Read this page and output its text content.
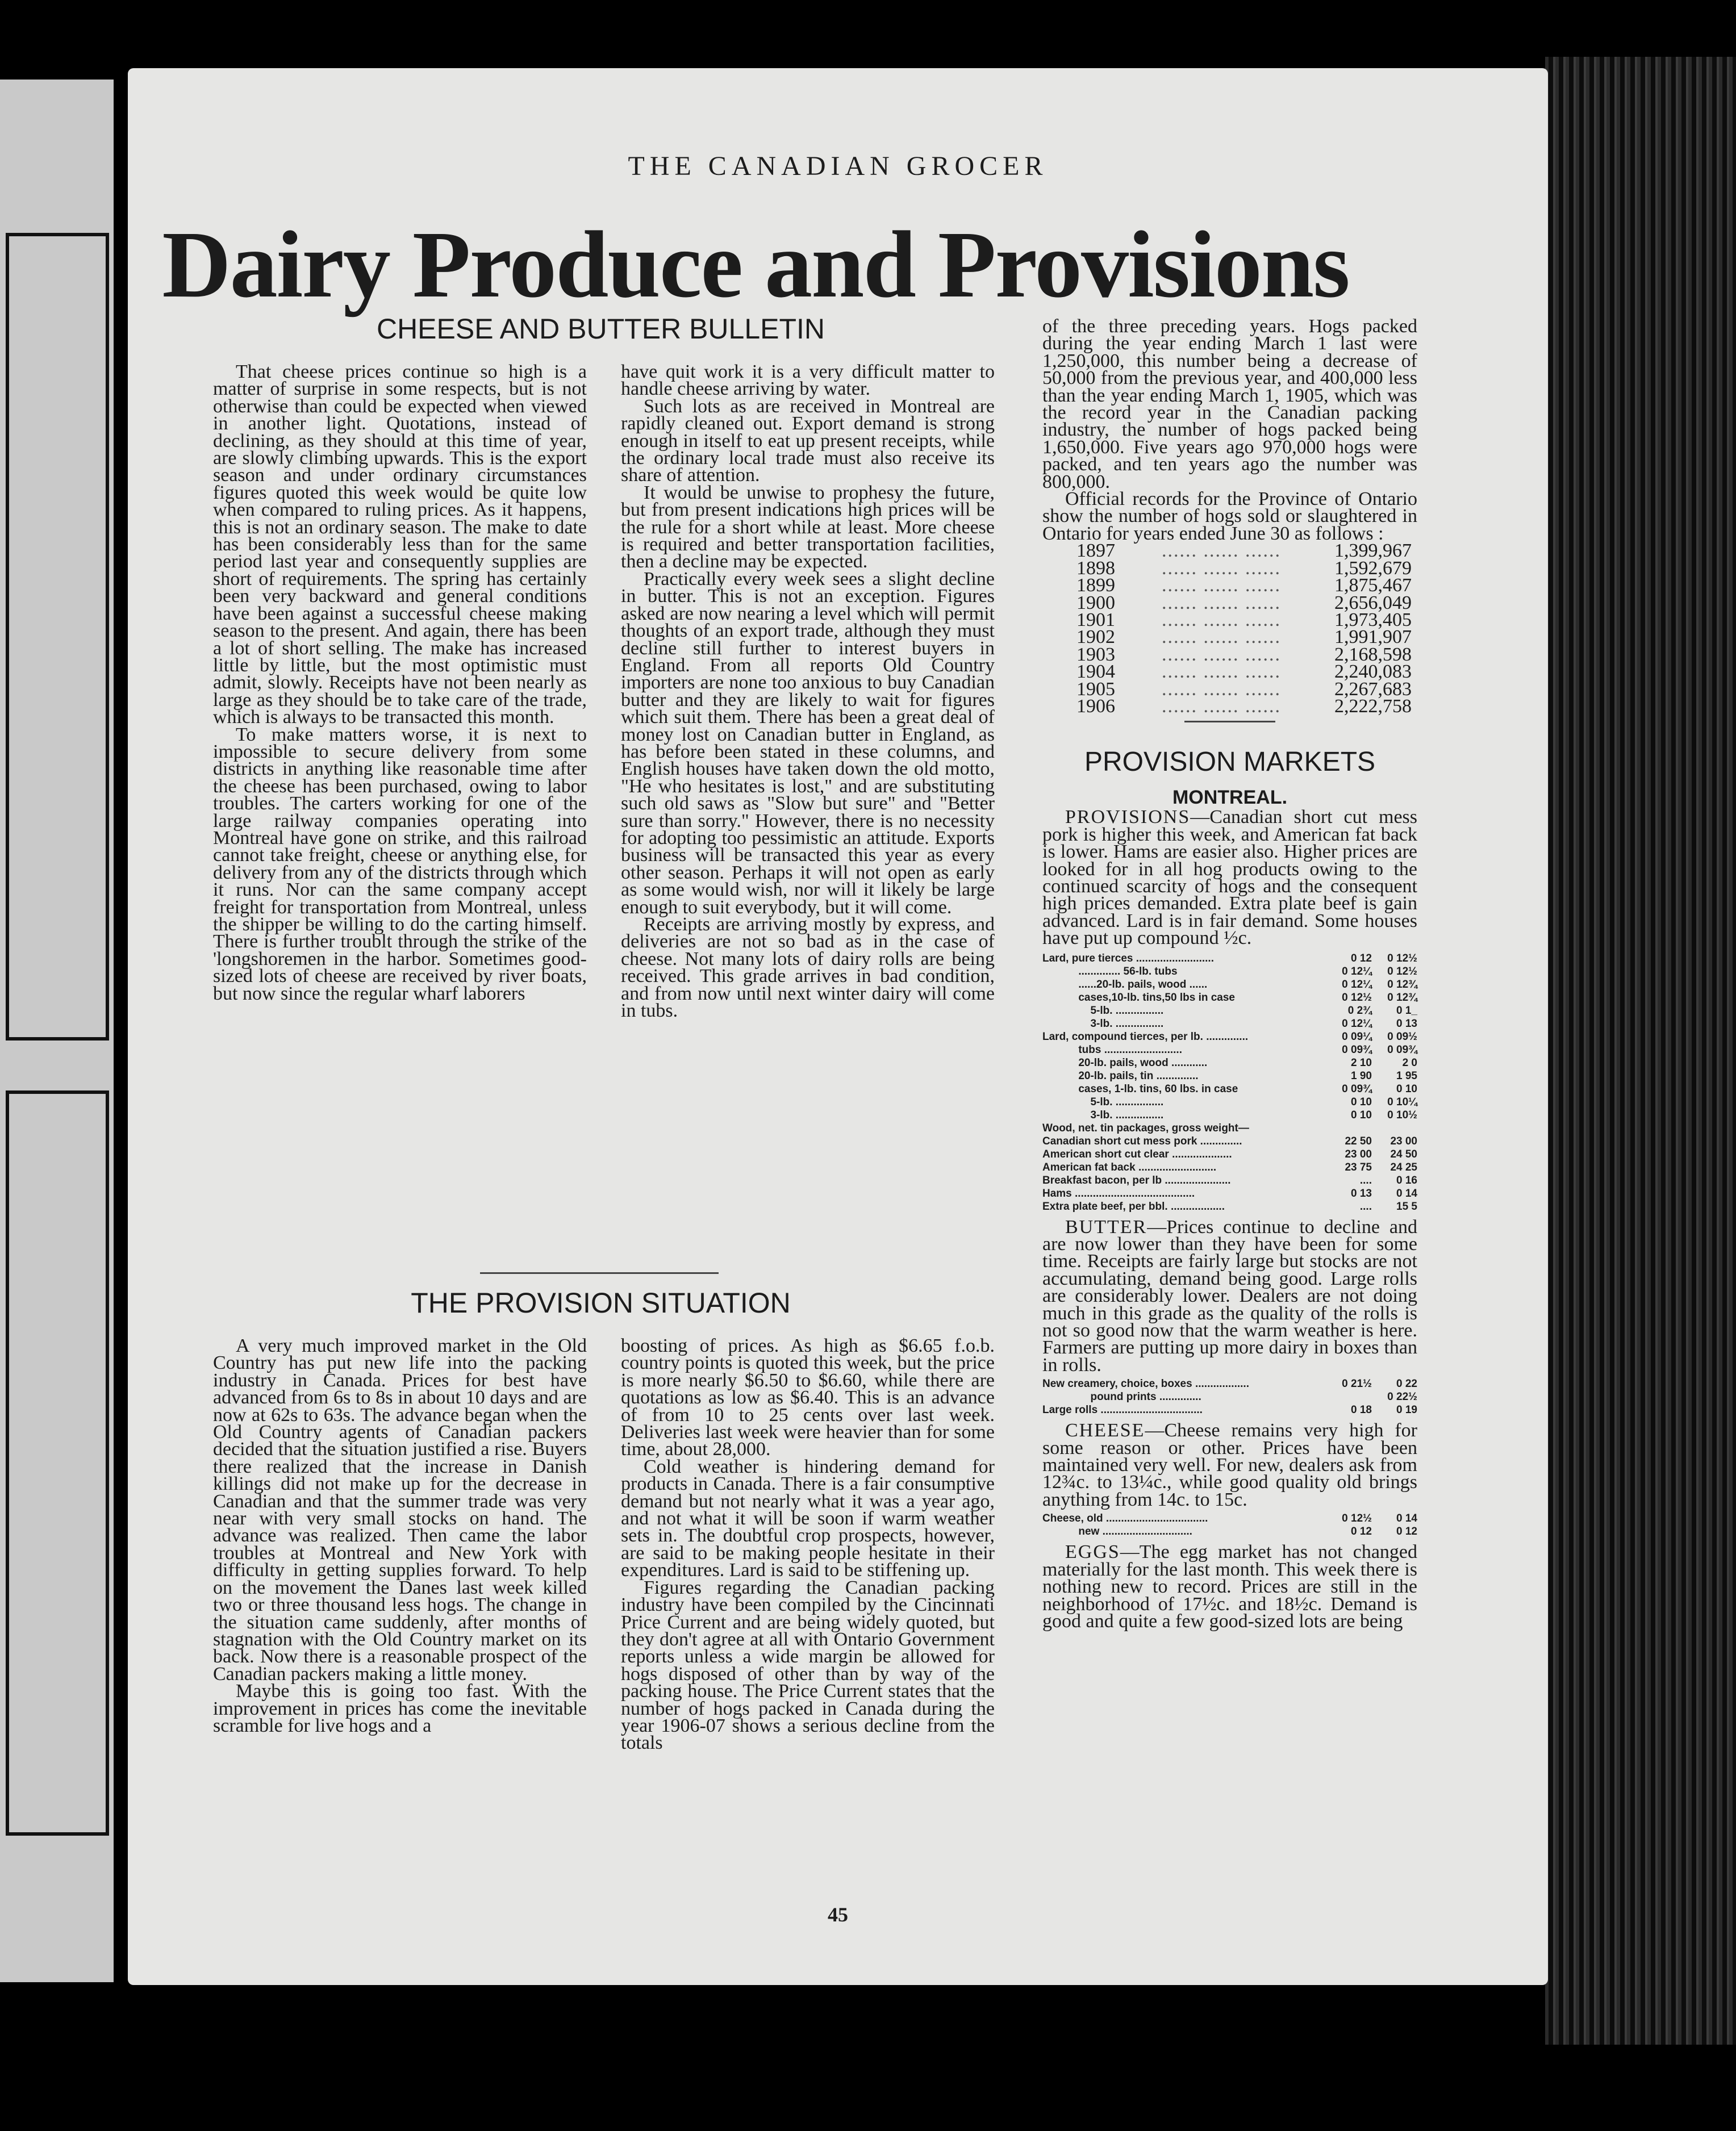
THE CANADIAN GROCER
Dairy Produce and Provisions
CHEESE AND BUTTER BULLETIN

That cheese prices continue so high is a matter of surprise in some respects, but is not otherwise than could be expected when viewed in another light. Quotations, instead of declining, as they should at this time of year, are slowly climbing upwards. This is the export season and under ordinary circumstances figures quoted this week would be quite low when compared to ruling prices. As it happens, this is not an ordinary season. The make to date has been considerably less than for the same period last year and consequently supplies are short of requirements. The spring has certainly been very backward and general conditions have been against a successful cheese making season to the present. And again, there has been a lot of short selling. The make has increased little by little, but the most optimistic must admit, slowly. Receipts have not been nearly as large as they should be to take care of the trade, which is always to be transacted this month.

To make matters worse, it is next to impossible to secure delivery from some districts in anything like reasonable time after the cheese has been purchased, owing to labor troubles. The carters working for one of the large railway companies operating into Montreal have gone on strike, and this railroad cannot take freight, cheese or anything else, for delivery from any of the districts through which it runs. Nor can the same company accept freight for transportation from Montreal, unless the shipper be willing to do the carting himself. There is further troublt through the strike of the 'longshoremen in the harbor. Sometimes good-sized lots of cheese are received by river boats, but now since the regular wharf laborers

have quit work it is a very difficult matter to handle cheese arriving by water.

Such lots as are received in Montreal are rapidly cleaned out. Export demand is strong enough in itself to eat up present receipts, while the ordinary local trade must also receive its share of attention.

It would be unwise to prophesy the future, but from present indications high prices will be the rule for a short while at least. More cheese is required and better transportation facilities, then a decline may be expected.

Practically every week sees a slight decline in butter. This is not an exception. Figures asked are now nearing a level which will permit thoughts of an export trade, although they must decline still further to interest buyers in England. From all reports Old Country importers are none too anxious to buy Canadian butter and they are likely to wait for figures which suit them. There has been a great deal of money lost on Canadian butter in England, as has before been stated in these columns, and English houses have taken down the old motto, "He who hesitates is lost," and are substituting such old saws as "Slow but sure" and "Better sure than sorry." However, there is no necessity for adopting too pessimistic an attitude. Exports business will be transacted this year as every other season. Perhaps it will not open as early as some would wish, nor will it likely be large enough to suit everybody, but it will come.

Receipts are arriving mostly by express, and deliveries are not so bad as in the case of cheese. Not many lots of dairy rolls are being received. This grade arrives in bad condition, and from now until next winter dairy will come in tubs.

THE PROVISION SITUATION

A very much improved market in the Old Country has put new life into the packing industry in Canada. Prices for best have advanced from 6s to 8s in about 10 days and are now at 62s to 63s. The advance began when the Old Country agents of Canadian packers decided that the situation justified a rise. Buyers there realized that the increase in Danish killings did not make up for the decrease in Canadian and that the summer trade was very near with very small stocks on hand. The advance was realized. Then came the labor troubles at Montreal and New York with difficulty in getting supplies forward. To help on the movement the Danes last week killed two or three thousand less hogs. The change in the situation came suddenly, after months of stagnation with the Old Country market on its back. Now there is a reasonable prospect of the Canadian packers making a little money.

Maybe this is going too fast. With the improvement in prices has come the inevitable scramble for live hogs and a

boosting of prices. As high as $6.65 f.o.b. country points is quoted this week, but the price is more nearly $6.50 to $6.60, while there are quotations as low as $6.40. This is an advance of from 10 to 25 cents over last week. Deliveries last week were heavier than for some time, about 28,000.

Cold weather is hindering demand for products in Canada. There is a fair consumptive demand but not nearly what it was a year ago, and not what it will be soon if warm weather sets in. The doubtful crop prospects, however, are said to be making people hesitate in their expenditures. Lard is said to be stiffening up.

Figures regarding the Canadian packing industry have been compiled by the Cincinnati Price Current and are being widely quoted, but they don't agree at all with Ontario Government reports unless a wide margin be allowed for hogs disposed of other than by way of the packing house. The Price Current states that the number of hogs packed in Canada during the year 1906-07 shows a serious decline from the totals

of the three preceding years. Hogs packed during the year ending March 1 last were 1,250,000, this number being a decrease of 50,000 from the previous year, and 400,000 less than the year ending March 1, 1905, which was the record year in the Canadian packing industry, the number of hogs packed being 1,650,000. Five years ago 970,000 hogs were packed, and ten years ago the number was 800,000.

Official records for the Province of Ontario show the number of hogs sold or slaughtered in Ontario for years ended June 30 as follows :

1897	...... ...... ......	1,399,967
1898	...... ...... ......	1,592,679
1899	...... ...... ......	1,875,467
1900	...... ...... ......	2,656,049
1901	...... ...... ......	1,973,405
1902	...... ...... ......	1,991,907
1903	...... ...... ......	2,168,598
1904	...... ...... ......	2,240,083
1905	...... ...... ......	2,267,683
1906	...... ...... ......	2,222,758
PROVISION MARKETS
MONTREAL.

PROVISIONS—Canadian short cut mess pork is higher this week, and American fat back is lower. Hams are easier also. Higher prices are looked for in all hog products owing to the continued scarcity of hogs and the consequent high prices demanded. Extra plate beef is gain advanced. Lard is in fair demand. Some houses have put up compound ½c.

Lard, pure tierces ..........................	0 12	0 12½
.............. 56-lb. tubs	0 12¼	0 12½
......20-lb. pails, wood ......	0 12¼	0 12¾
cases,10-lb. tins,50 lbs in case	0 12½	0 12¾
5-lb. ................	0 2¾	0 1_
3-lb. ................	0 12¼	0 13
Lard, compound tierces, per lb. ..............	0 09¼	0 09½
tubs ..........................	0 09¾	0 09¾
20-lb. pails, wood ............	2 10	2 0
20-lb. pails, tin ..............	1 90	1 95
cases, 1-lb. tins, 60 lbs. in case	0 09¾	0 10
5-lb. ................	0 10	0 10¼
3-lb. ................	0 10	0 10½
Wood, net. tin packages, gross weight—		
Canadian short cut mess pork ..............	22 50	23 00
American short cut clear ....................	23 00	24 50
American fat back ..........................	23 75	24 25
Breakfast bacon, per lb ......................	....	0 16
Hams ........................................	0 13	0 14
Extra plate beef, per bbl. ..................	....	15 5

BUTTER—Prices continue to decline and are now lower than they have been for some time. Receipts are fairly large but stocks are not accumulating, demand being good. Large rolls are considerably lower. Dealers are not doing much in this grade as the quality of the rolls is not so good now that the warm weather is here. Farmers are putting up more dairy in boxes than in rolls.

New creamery, choice, boxes ..................	0 21½	0 22
pound prints ..............		0 22½
Large rolls ..................................	0 18	0 19

CHEESE—Cheese remains very high for some reason or other. Prices have been maintained very well. For new, dealers ask from 12¾c. to 13¼c., while good quality old brings anything from 14c. to 15c.

Cheese, old ..................................	0 12½	0 14
new ..............................	0 12	0 12

EGGS—The egg market has not changed materially for the last month. This week there is nothing new to record. Prices are still in the neighborhood of 17½c. and 18½c. Demand is good and quite a few good-sized lots are being

45
